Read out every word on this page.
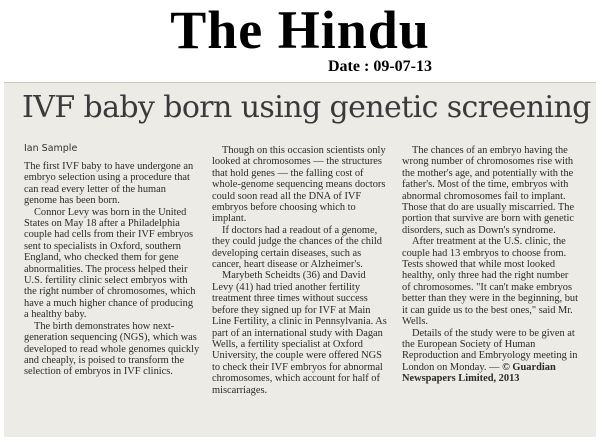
The Hindu
Date : 09-07-13
IVF baby born using genetic screening
Ian Sample

The first IVF baby to have undergone an embryo selection using a procedure that can read every letter of the human genome has been born.

Connor Levy was born in the United States on May 18 after a Philadelphia couple had cells from their IVF embryos sent to specialists in Oxford, southern England, who checked them for gene abnormalities. The process helped their U.S. fertility clinic select embryos with the right number of chromosomes, which have a much higher chance of producing a healthy baby.

The birth demonstrates how next-generation sequencing (NGS), which was developed to read whole genomes quickly and cheaply, is poised to transform the selection of embryos in IVF clinics.

Though on this occasion scientists only looked at chromosomes — the structures that hold genes — the falling cost of whole-genome sequencing means doctors could soon read all the DNA of IVF embryos before choosing which to implant.

If doctors had a readout of a genome, they could judge the chances of the child developing certain diseases, such as cancer, heart disease or Alzheimer's.

Marybeth Scheidts (36) and David Levy (41) had tried another fertility treatment three times without success before they signed up for IVF at Main Line Fertility, a clinic in Pennsylvania. As part of an international study with Dagan Wells, a fertility specialist at Oxford University, the couple were offered NGS to check their IVF embryos for abnormal chromosomes, which account for half of miscarriages.

The chances of an embryo having the wrong number of chromosomes rise with the mother's age, and potentially with the father's. Most of the time, embryos with abnormal chromosomes fail to implant. Those that do are usually miscarried. The portion that survive are born with genetic disorders, such as Down's syndrome.

After treatment at the U.S. clinic, the couple had 13 embryos to choose from. Tests showed that while most looked healthy, only three had the right number of chromosomes. "It can't make embryos better than they were in the beginning, but it can guide us to the best ones," said Mr. Wells.

Details of the study were to be given at the European Society of Human Reproduction and Embryology meeting in London on Monday. — © Guardian Newspapers Limited, 2013
